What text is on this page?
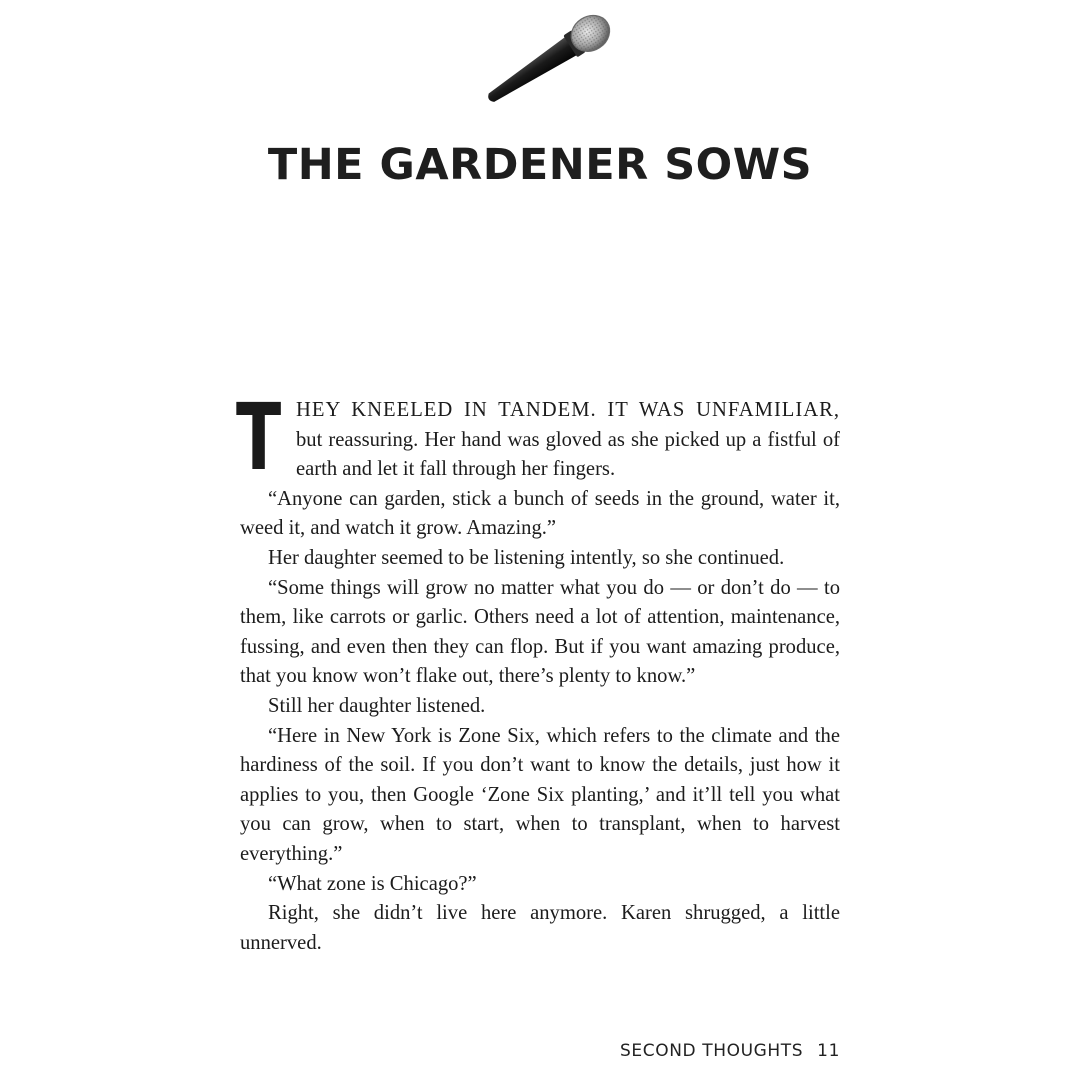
THE GARDENER SOWS

THEY KNEELED IN TANDEM. IT WAS UNFAMILIAR, but reassuring. Her hand was gloved as she picked up a fistful of earth and let it fall through her fingers.

“Anyone can garden, stick a bunch of seeds in the ground, water it, weed it, and watch it grow. Amazing.”

Her daughter seemed to be listening intently, so she continued.

“Some things will grow no matter what you do — or don’t do — to them, like carrots or garlic. Others need a lot of attention, maintenance, fussing, and even then they can flop. But if you want amazing produce, that you know won’t flake out, there’s plenty to know.”

Still her daughter listened.

“Here in New York is Zone Six, which refers to the climate and the hardiness of the soil. If you don’t want to know the details, just how it applies to you, then Google ‘Zone Six planting,’ and it’ll tell you what you can grow, when to start, when to transplant, when to harvest everything.”

“What zone is Chicago?”

Right, she didn’t live here anymore. Karen shrugged, a little unnerved.

SECOND THOUGHTS 11
